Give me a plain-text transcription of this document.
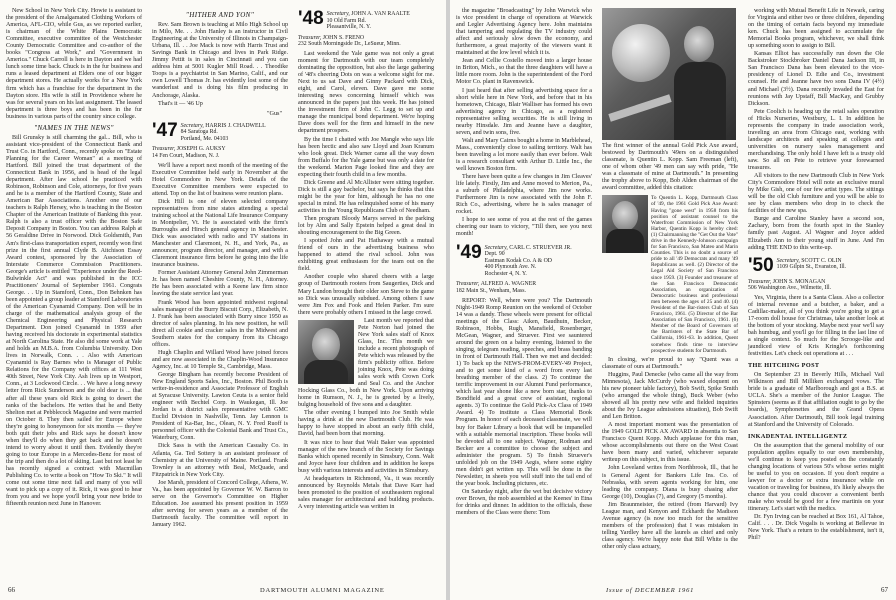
New School in New York City. Howie is assistant to the president of the Amalgamated Clothing Workers of America, AFL-CIO, while Gus, as we reported earlier, is chairman of the White Plains Democratic Committee, executive committee of the Westchester County Democratic Committee and co-author of the books "Congress at Work," and "Government in America." Chuck Carroll is here in Dayton and we had lunch some time back. Chuck is in the fur business and runs a leased department at Elders one of our bigger department stores. He actually works for a New York firm which has a franchise for the department in the Dayton store. His wife is still in Providence where he was for several years on his last assignment. The leased department is three boys and has been in the fur business in various parts of the country since college.

"NAMES IN THE NEWS"

Bill Grunsky is still charming the gal... Bill, who is assistant vice-president of the Connecticut Bank and Trust Co. in Hartford, Conn., recently spoke on "Estate Planning for the Career Woman" at a meeting of Hartford. Bill joined the trust department of the Connecticut Bank in 1956, and is head of the legal department. After law school he practiced with Robinson, Robinson and Cole, attorneys, for five years and he is a member of the Hartford County, State and American Bar Associations. Another one of our teachers is Ralph Hersey, who is teaching in the Boston Chapter of the American Institute of Banking this year. Ralph is also a trust officer with the Boston Safe Deposit Company in Boston. You can address Ralph at 56 Geraldine Drive in Norwood. Dick Goldsmith, Pan Am's first-class transportation expert, recently won first prize in the first annual Clyde B. Aitchison Essay Award contest, sponsored by the Association of Interstate Commerce Commission Practitioners. George's article is entitled "Experience under the Reed-Bulwinkle Act" and was published in the ICC Practitioners' Journal of September 1961. Congrats George. . . Up in Stamford, Conn., Don Behnken has been appointed a group leader at Stamford Laboratories of the American Cyanamid Company. Don will be in charge of the mathematical analysis group of the Chemical Engineering and Physical Research Department. Don joined Cyanamid in 1959 after having received his doctorate in experimental statistics at North Carolina State. He also did some work at Yale and holds an M.B.A. from Columbia University. Don lives in Norwalk, Conn. . . Also with American Cyanamid is Ray Barnes who is Manager of Public Relations for the Company with offices at 111 West 40th Street, New York City. Ash lives up in Westport, Conn., at 3 Lockwood Circle. . . We have a long newsy letter from Rick Sunderson and the old dear is ... that after all these years old Rick is going to desert the ranks of the bachelors. He writes that he and Betty Shelton met at Pebblecock Magazine and were married on October 8. They then sailed for Europe where they're going to honeymoon for six months — they've both quit their jobs and Rick says he doesn't know when they'll do when they get back and he doesn't intend to worry about it until then. Evidently they're going to tour Europe in a Mercedes-Benz for most of the trip and then do a lot of skiing. Last but not least he has recently signed a contract with Macmillan Publishing Co. to write a book on "How To Ski." It will come out some time next fall and many of you will want to pick up a copy of it. Rick, it was good to hear from you and we hope you'll bring your new bride to fifteenth reunion next June in Hanover.

"HITHER AND YON"

Rev. Sam Brown is teaching at Milo High School up in Milo, Me. . . John Hanley is an instructor in Civil Engineering at the University of Illinois in Champaign-Urbana, Ill. . . Joe Mack is now with Harris Trust and Savings Bank in Chicago and lives in Park Ridge. Jimmy Pettit is in sales in Cincinnati and you can address him at 5001 Kugler Mill Road. . . Theodike Toops is a psychiatrist in San Marino, Calif., and our own Lowell Thomas Jr. has evidently lost some of the wanderlust and is doing his film producing in Anchorage, Alaska.

That's it — '46 Up

"Gus"
'47 Secretary, HARRIS J. CHADWELL
84 Saratoga Rd.
Portland, Me. 04103
Treasurer, JOSEPH G. AUKSY
14 Fen Court, Madison, N. J.

We'll have a report next month of the meeting of the Executive Committee held early in November at the Hotel Commodore in New York. Details of the Executive Committee members were expected to attend. Top on the list of business were reunion plans.

Dick Hill is one of eleven selected company representatives from nine states attending a special training school at the National Life Insurance Company in Montpelier, Vt. He is associated with the firm's Burroughs and Hirsch general agency in Manchester. Dick was associated with radio and TV stations in Manchester and Claremont, N. H., and York, Pa., as announcer, program director, and manager, and with a Claremont insurance firm before he going into the life insurance business.

Former Assistant Attorney General John Zimmerman Jr. has been named Cheshire County, N. H., Attorney. He has been associated with a Keene law firm since leaving the state service last year.

Frank Wood has been appointed midwest regional sales manager of the Burry Biscuit Corp., Elizabeth, N. J. Frank has been associated with Burry since 1950 as director of sales planning. In his new position, he will direct all cookie and cracker sales in the Midwest and Southern states for the company from its Chicago offices.

Hugh Chaplin and Willard Wood have joined forces and are now associated in the Chaplin-Wood Insurance Agency, Inc. at 10 Temple St., Cambridge, Mass.

George Bingham has recently become President of New England Sports Sales, Inc., Boston. Phil Booth is writer-in-residence and Associate Professor of English at Syracuse University. Lawton Ceuta is a senior field engineer with Bechtel Corp. in Waukegan, Ill. Joe Jordan is a district sales representative with GMC Euclid Division in Nashville, Tenn. Jay Lennon is President of Ka-Bar, Inc., Olean, N. Y. Fred Ruoff is personnel officer with the Colonial Bank and Trust Co., Waterbury, Conn.

Dick Sass is with the American Casualty Co. in Atlanta, Ga. Ted Sottery is an assistant professor of Chemistry at the University of Maine. Portland. Frank Townley is an attorney with Beal, McQuade, and Fitzpatrick in New York City.

Joe Marsh, president of Concord College, Athens, W. Va., has been appointed by Governor W. W. Barron to serve on the Governor's Committee on Higher Education. Joe assumed his present position in 1959 after serving for seven years as a member of the Dartmouth faculty. The committee will report in January 1962.

'48 Secretary, JOHN A. VAN RAALTE
10 Old Farm Rd.
Pleasantville, N. Y.
Treasurer, JOHN S. FRENO
232 South Morningside Dr., LeSueur, Minn.

Last weekend the Yale game was not only a great moment for Dartmouth with our team completely dominating the opposition, but also the large gathering of '48's cheering Dots on was a welcome sight for me. Next to us sat Dave and Ginny Packard with Dick, eight, and Carol, eleven. Dave gave me some interesting news concerning himself which was announced in the papers just this week. He has joined the investment firm of John C. Legg to set up and manage the municipal bond department. We're hoping Dave does well for the firm and himself in the new department prospers.

By the time I chatted with Joe Mangle who says life has been hectic and also saw Lloyd and Joan Kranum who look great. Dick Warner came all the way down from Buffalo for the Yale game but was only a date for the weekend. Marion Page looked fine and they are expecting their fourth child in a few months.

Dick Greene and Al McAllister were sitting together. Dick is still a gay bachelor, but says he thinks that this might be the year for him, although he has no one special in mind. He has relinquished some of his many activities in the Young Republicans Club of Needham.

Then program Bloody Marys served in the parking lot by Alm and Sally Epstein helped a great deal in shouting encouragement to the Big Green.

I spotted John and Pat Hathaway with a mutual friend of ours in the advertising business who happened to attend the rival school. John was exhibiting great enthusiasm for the team out on the field.

Another couple who shared cheers with a large group of Dartmouth rooters from Saugerties, Dick and Mary Lundon brought their older son Steve to the game so Dick was unusually subdued. Among others I saw were Jim Fox and Fook and Helen Parker. I'm sure there were probably others I missed in the large crowd.

Last month we reported that Pete Norton had joined the New York sales staff of Knox Glass, Inc. This month we include a recent photograph of Pete which was released by the firm's publicity office. Before joining Knox, Pete was doing sales work with Crown Cork and Seal Co. and the Anchor Hocking Glass Co., both in New York. Upon arriving home in Rumson, N. J., he is greeted by a lively, bulging household of five sons and a daughter.

The other evening I bumped into Joe Smith while having a drink at the new Dartmouth Club. He was happy to have stopped in about an early fifth child, David, had been born that morning.

It was nice to hear that Walt Baker was appointed manager of the new branch of the Society for Savings Banks which opened recently in Simsbury, Conn. Walt and Joyce have four children and in addition he keeps busy with various interests and activities in Simsbury.

At headquarters in Richmond, Va., it was recently announced by Reynolds Metals that Dave Karr had been promoted to the position of southeastern regional sales manager for architectural and building products. A very interesting article was written in

66	DARTMOUTH ALUMNI MAGAZINE

the magazine "Broadcasting" by John Warwick who is vice president in charge of operations at Warwick and Legler Advertising Agency here. John maintains that tampering and regulating the TV industry could affect and seriously slow down the economy, and furthermore, a great majority of the viewers want it maintained at the low level which it is.

Jean and Cellie Costello moved into a larger house in Briton, Mich., so that the three daughters will have a little more room. John is the superintendent of the Ford Motor Co. plant in Ravenswick.

I just heard that after selling advertising space for a short while here in New York, and before that in his hometown, Chicago, Blair Walliser has formed his own advertising agency in Chicago, as a registered representative selling securities. He is still living in nearby Hinsdale. Jim and Jeanne have a daughter, seven, and twin sons, five.

Walt and Mary Cairns bought a home in Marblehead, Mass., conveniently close to sailing territory. Walt has been traveling a lot more easily than ever before. Walt is a research consultant with Arthur D. Little Inc., the well known Boston firm.

There have been quite a few changes in Jim Cleaves' life lately. Firstly, Jim and Anne moved to Merion, Pa., a suburb of Philadelphia, where Jim now works. Furthermore Jim is now associated with the John F. Rich Co., advertising, where he is sales manager of rocket.

I hope to see some of you at the rest of the games cheering our team to victory, "Till then, see you next month!

'49 Secretary, CARL C. STRUEVER JR.
Dept. 90
Eastman Kodak Co. A & OD
400 Plymouth Ave. N.
Rochester 4, N. Y.
Treasurer, ALFRED A. WAGNER
182 Main St., Wenham, Mass.

REPORT: Well, where were you? The Dartmouth Night-1949 Romp Reunion on the weekend of October 14 was a dandy. These wheels were present for official meetings of the Class: Aiken, Baudhuin, Becker, Robinson, Hobbs, Rugh, Mansfield, Rosenberger, McGean, Wagner, and Struever. First we sauntered around the green on a balmy evening, listened to the singing, telegram reading, speeches, and brass banding in front of Dartmouth Hall. Then we met and decided: 1) To back up the NEWS-FROM-EVERY-'49 Project, and to get some kind of a word from every last breathing member of the class. 2) To continue the terrific improvement in our Alumni Fund performance, which last year shone like a new born star, thanks to Bondfield and a great crew of assistant, regional agents. 3) To continue the Gold Pick-Ax Class of 1949 Award. 4) To institute a Class Memorial Book Program. In honor of each deceased classmate, we will buy for Baker Library a book that will be impanelled with a suitable memorial inscription. These books will be devoted all to one subject. Wagner, Rodman and Becker are a committee to choose the subject and administer the program. 5) To finish Struever's unfolded job on the 1949 Aegis, where some eighty men didn't get written up. This will be done in the Newsletter, in sheets you will stuff into the tail end of the year book. Including pictures, etc.

On Saturday night, after the wet but decisive victory over Brown, the mob assembled at the Keenes' in Etna for drinks and dinner. In addition to the officials, these members of the Class were there: Tom

The first winner of the annual Gold Pick Axe award, bestowed by Dartmouth's '49ers on a distinguished classmate, is Quentin L. Kopp. Sam Freeman (left), one of whom other '49 men can say with pride, "He was a classmate of mine at Dartmouth." In presenting the trophy above to Kopp, Bob Alden chairman of the award committee, added this citation:
To Quentin L. Kopp, Dartmouth Class of '49, the 1961 Gold Pick Axe Award: Having "gone west" in 1958 from his position of assistant counsel to the Waterfront Commission of New York Harbor, Quentin Kopp is hereby cited: (1) Chairmanning the "Get Out the Vote" drive in the Kennedy-Johnson campaign for San Francisco, San Mateo and Marin Counties. This is no doubt a source of pride to all '49 Democrats and many '49 Republicans as well. (2) Director of the Legal Aid Society of San Francisco since 1959. (3) Founder and treasurer of the San Francisco Democratic Association, an organization of Democratic business and professional men between the ages of 25 and 40. (4) President of the Bar-risters Club of San Francisco, 1961. (5) Director of the Bar Association of San Francisco, 1961. (6) Member of the Board of Governors of the Barristers of the State Bar of California, 1961-63. In addition, Quent somehow finds time to interview prospective students for Dartmouth.

In closing, we're proud to say "Quent was a classmate of ours at Dartmouth."

Huggins, Paul Denecke (who came all the way from Minnesota), Jack McCurdy (who waxed eloquent on his new pioneer table factory), Bob Swift, Spike Smith (who arranged the whole thing), Buck Weber (who showed all his pretty new wife and fielded inquiries about the Ivy League admissions situation), Bob Swift and Len Britton.

A most important moment was the presentation of the 1949 GOLD PICK AX AWARD in absentia to San Francisco Quent Kopp. Much applause for this man, whose accomplishments out there on the West Coast have been many and varied, whichever separate writeup on this subject, in this issue.

John Loveland writes from Northbrook, Ill., that he is General Agent for Bankers Life Ins. Co. of Nebraska, with seven agents working for him, one leading the company. Diana is busy chasing after George (10), Douglas (7), and Gregory (5 months).

Jim Braunmeister, the retired (from Harvard) Ivy League man, and Kenyon and Eckhardt the Madison Avenue agency (is now too much for the sensitive members of the profession) that I was mistaken in telling Yardley have all the laurels as chief and only class agency. We're happy note that Bill White is the other only class actuary,

working with Mutual Benefit Life in Newark, caring for Virginia and either two or three children, depending on the timing of certain facts beyond my immediate ken. Chuck has been assigned to accumulate the Memorial Books program, whichever, we shall think up something soon to assign to Bill.

Kansas Elliot has successfully run down the Ole Backstroker Stockbroker Daniel Dana Jackson III, in San Francisco Dana has been elevated to the vice-presidency of Lionel D. Edie and Co., investment counsel. He and Jeanne have two sons Dana IV (4½) and Michael (3½). Dana recently invaded the East for reunions with Jay Upstaff, Bill MacKay, and Grubby Dickson.

Pete Coolich is heading up the retail sales operation of Hicks Nurseries, Westbury, L. I. In addition he represents the company in trade association work, traveling an area from Chicago east, working with landscape architects and speaking at colleges and universities on nursery sales management and merchandising. The only hold I have left is a trusty old saw. So all on Pete to retrieve your forewarned treasures.

All visitors to the new Dartmouth Club in New York City's Commodore Hotel will note an exclusive mural by Mike Gish, one of our few artist types. The sittings will be the old Club furniture and you will be able to see by class members who drop in to check the facilities of the new spa.

Burge and Caroline Stanley have a second son, Zachary, born from the fourth spot in the Stanley family past August. Al Wagner and Joyce added Elizabeth Ann to their young stuff in June. And I'm adding THE END to this write-up.

'50 Secretary, SCOTT C. OLIN
1109 Gilpin St., Evanston, Ill.
Treasurer, JOHN S. MONAGAN
506 Washington Ave., Wilmette, Ill.

Yes, Virginia, there is a Santa Claus. Also a collector of internal revenue and a butcher, a baker, and a Cadillac-maker, all of you think you're going to get a 17-room doll house for Christmas, take another look at the bottom of your stocking. Maybe next year we'll say bah humbug, and you'll go for filling in the last line of a single context. So much for the Scrooge-like and jaundiced view of Kris Kringle's forthcoming festivities. Let's check out operations at . . .

THE HITCHING POST

On September 23 in Beverly Hills, Michael Vail Wilkinson and Bill Milliken exchanged vows. The bride is a graduate of Marlborough and got a B.S. at UCLA. She's a member of the Junior League. The Spinsters (seems as if that affiliation ought to go by the boards), Symphonettes and the Grand Opera Association. After Dartmouth, Bill took legal training at Stanford and the University of Colorado.

INKADENTAL INTELLIGENTZ

On the assumption that the general mobility of our population applies equally to our own membership, we'll continue to keep you posted on the constantly changing locations of various 50's whose series might be useful to you on occasion. If you don't require a lawyer for a doctor or extra insurance while on vacation or traveling for business, it's likely always the chance that you could discover a convenient berth make who would be good for a few martinis on your itinerary. Let's start with the medics.

Dr. Fyn Irving can be reached at Box 161, Al Tahoe, Calif. . . . Dr. Dick Vogalis is working at Bellevue in New York. That's a return to the establishment, isn't it, Phil?

Issue of DECEMBER 1961	67
